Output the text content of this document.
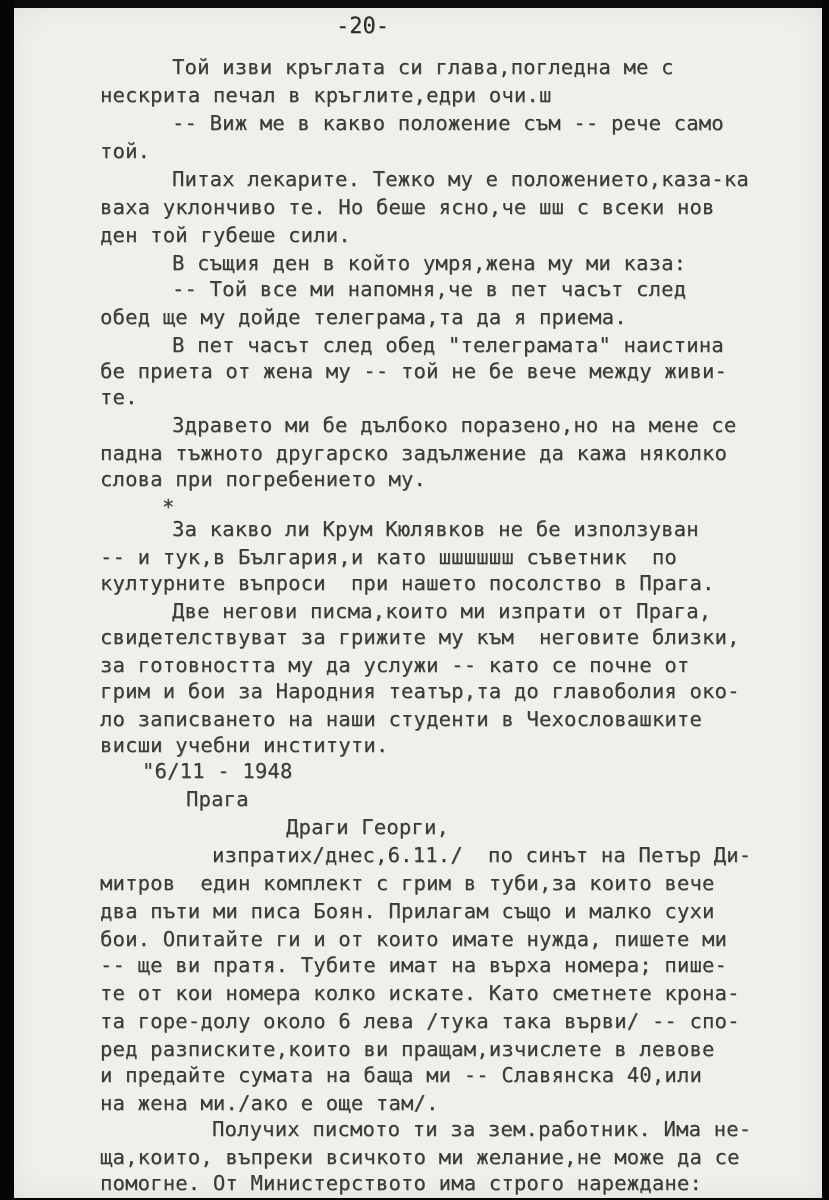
-20-
Той изви кръглата си глава,погледна ме с
нескрита печал в кръглите,едри очи.ш
-- Виж ме в какво положение съм -- рече само
той.
Питах лекарите. Тежко му е положението,каза-ка
ваха уклончиво те. Но беше ясно,че шш с всеки нов
ден той губеше сили.
В същия ден в който умря,жена му ми каза:
-- Той все ми напомня,че в пет часът след
обед ще му дойде телеграма,та да я приема.
В пет часът след обед "телеграмата" наистина
бе приета от жена му -- той не бе вече между живи-
те.
Здравето ми бе дълбоко поразено,но на мене се
падна тъжното другарско задължение да кажа няколко
слова при погребението му.
*
За какво ли Крум Кюлявков не бе използуван
-- и тук,в България,и като шшшшшш съветник  по
културните въпроси  при нашето посолство в Прага.
Две негови писма,които ми изпрати от Прага,
свидетелствуват за грижите му към  неговите близки,
за готовността му да услужи -- като се почне от
грим и бои за Народния театър,та до главоболия око-
ло записването на наши студенти в Чехословашките
висши учебни институти.
"6/11 - 1948
Прага
Драги Георги,
изпратих/днес,6.11./  по синът на Петър Ди-
митров  един комплект с грим в туби,за които вече
два пъти ми писа Боян. Прилагам също и малко сухи
бои. Опитайте ги и от които имате нужда, пишете ми
-- ще ви пратя. Тубите имат на върха номера; пише-
те от кои номера колко искате. Като сметнете крона-
та горе-долу около 6 лева /тука така върви/ -- спо-
ред разписките,които ви пращам,изчислете в левове
и предайте сумата на баща ми -- Славянска 40,или
на жена ми./ако е още там/.
Получих писмото ти за зем.работник. Има не-
ща,които, въпреки всичкото ми желание,не може да се
помогне. От Министерството има строго нареждане:
